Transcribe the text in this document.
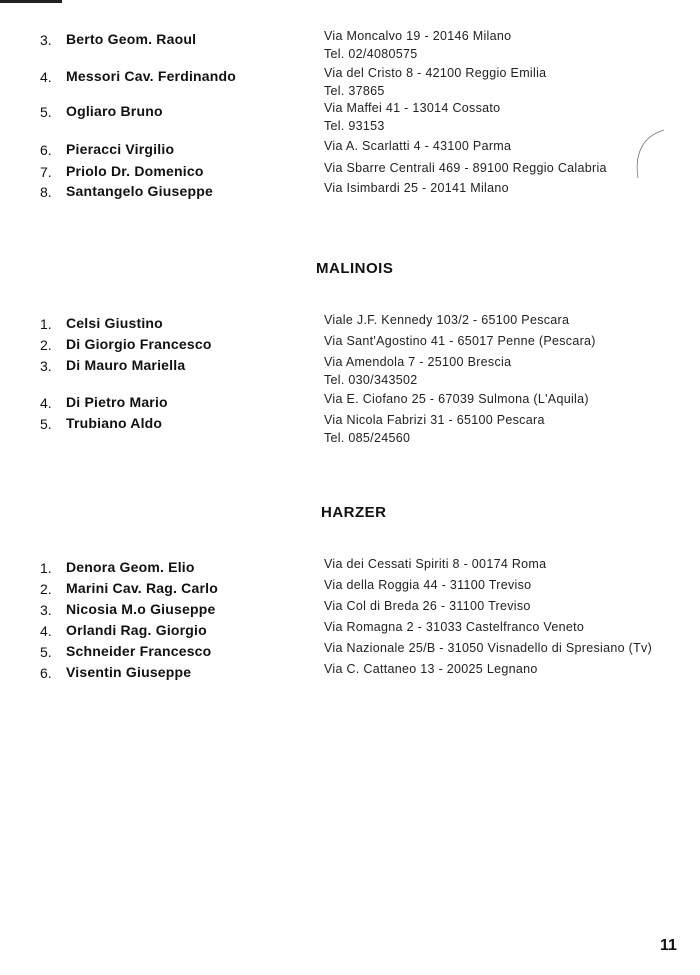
MALINOIS
HARZER
3.	Berto Geom. Raoul	Via Moncalvo 19 - 20146 Milano
Tel. 02/4080575
4.	Messori Cav. Ferdinando	Via del Cristo 8 - 42100 Reggio Emilia
Tel. 37865
5.	Ogliaro Bruno	Via Maffei 41 - 13014 Cossato
Tel. 93153
6.	Pieracci Virgilio	Via A. Scarlatti 4 - 43100 Parma
7.	Priolo Dr. Domenico	Via Sbarre Centrali 469 - 89100 Reggio Calabria
8.	Santangelo Giuseppe	Via Isimbardi 25 - 20141 Milano
1.	Celsi Giustino	Viale J.F. Kennedy 103/2 - 65100 Pescara
2.	Di Giorgio Francesco	Via Sant'Agostino 41 - 65017 Penne (Pescara)
3.	Di Mauro Mariella	Via Amendola 7 - 25100 Brescia
Tel. 030/343502
4.	Di Pietro Mario	Via E. Ciofano 25 - 67039 Sulmona (L'Aquila)
5.	Trubiano Aldo	Via Nicola Fabrizi 31 - 65100 Pescara
Tel. 085/24560
1.	Denora Geom. Elio	Via dei Cessati Spiriti 8 - 00174 Roma
2.	Marini Cav. Rag. Carlo	Via della Roggia 44 - 31100 Treviso
3.	Nicosia M.o Giuseppe	Via Col di Breda 26 - 31100 Treviso
4.	Orlandi Rag. Giorgio	Via Romagna 2 - 31033 Castelfranco Veneto
5.	Schneider Francesco	Via Nazionale 25/B - 31050 Visnadello di Spresiano (Tv)
6.	Visentin Giuseppe	Via C. Cattaneo 13 - 20025 Legnano
11
